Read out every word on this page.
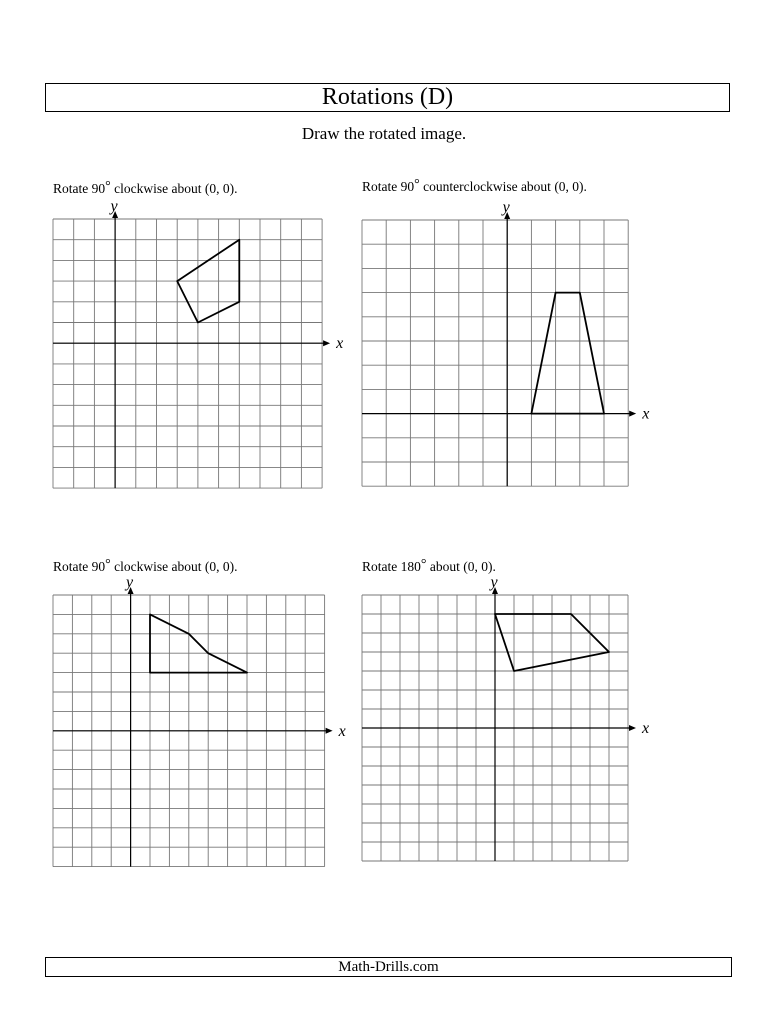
Rotations (D)
Draw the rotated image.
Rotate 90° clockwise about (0, 0).
x
y
Rotate 90° counterclockwise about (0, 0).
x
y
Rotate 90° clockwise about (0, 0).
x
y
Rotate 180° about (0, 0).
x
y
Math-Drills.com
